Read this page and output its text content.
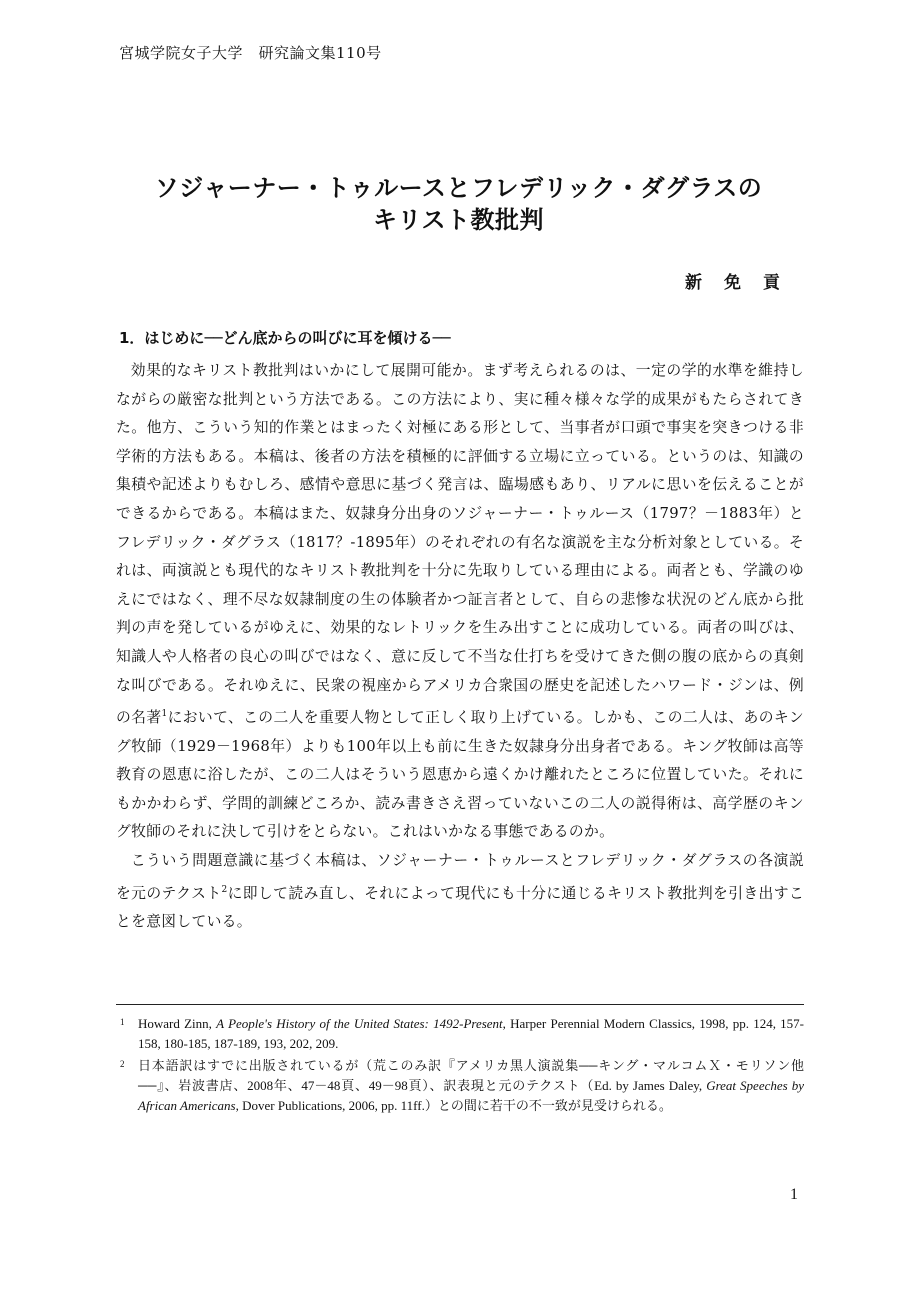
宮城学院女子大学　研究論文集110号
ソジャーナー・トゥルースとフレデリック・ダグラスの
キリスト教批判
新免貢
1．はじめに──どん底からの叫びに耳を傾ける──

効果的なキリスト教批判はいかにして展開可能か。まず考えられるのは、一定の学的水準を維持しながらの厳密な批判という方法である。この方法により、実に種々様々な学的成果がもたらされてきた。他方、こういう知的作業とはまったく対極にある形として、当事者が口頭で事実を突きつける非学術的方法もある。本稿は、後者の方法を積極的に評価する立場に立っている。というのは、知識の集積や記述よりもむしろ、感情や意思に基づく発言は、臨場感もあり、リアルに思いを伝えることができるからである。本稿はまた、奴隷身分出身のソジャーナー・トゥルース（1797？－1883年）とフレデリック・ダグラス（1817？-1895年）のそれぞれの有名な演説を主な分析対象としている。それは、両演説とも現代的なキリスト教批判を十分に先取りしている理由による。両者とも、学識のゆえにではなく、理不尽な奴隷制度の生の体験者かつ証言者として、自らの悲惨な状況のどん底から批判の声を発しているがゆえに、効果的なレトリックを生み出すことに成功している。両者の叫びは、知識人や人格者の良心の叫びではなく、意に反して不当な仕打ちを受けてきた側の腹の底からの真剣な叫びである。それゆえに、民衆の視座からアメリカ合衆国の歴史を記述したハワード・ジンは、例の名著$^1$において、この二人を重要人物として正しく取り上げている。しかも、この二人は、あのキング牧師（1929－1968年）よりも100年以上も前に生きた奴隷身分出身者である。キング牧師は高等教育の恩恵に浴したが、この二人はそういう恩恵から遠くかけ離れたところに位置していた。それにもかかわらず、学問的訓練どころか、読み書きさえ習っていないこの二人の説得術は、高学歴のキング牧師のそれに決して引けをとらない。これはいかなる事態であるのか。

こういう問題意識に基づく本稿は、ソジャーナー・トゥルースとフレデリック・ダグラスの各演説を元のテクスト$^2$に即して読み直し、それによって現代にも十分に通じるキリスト教批判を引き出すことを意図している。

1 Howard Zinn, A People's History of the United States: 1492-Present, Harper Perennial Modern Classics, 1998, pp. 124, 157-158, 180-185, 187-189, 193, 202, 209.
2 日本語訳はすでに出版されているが（荒このみ訳『アメリカ黒人演説集──キング・マルコムＸ・モリソン他──』、岩波書店、2008年、47－48頁、49－98頁）、訳表現と元のテクスト（Ed. by James Daley, Great Speeches by African Americans, Dover Publications, 2006, pp. 11ff.）との間に若干の不一致が見受けられる。
1
